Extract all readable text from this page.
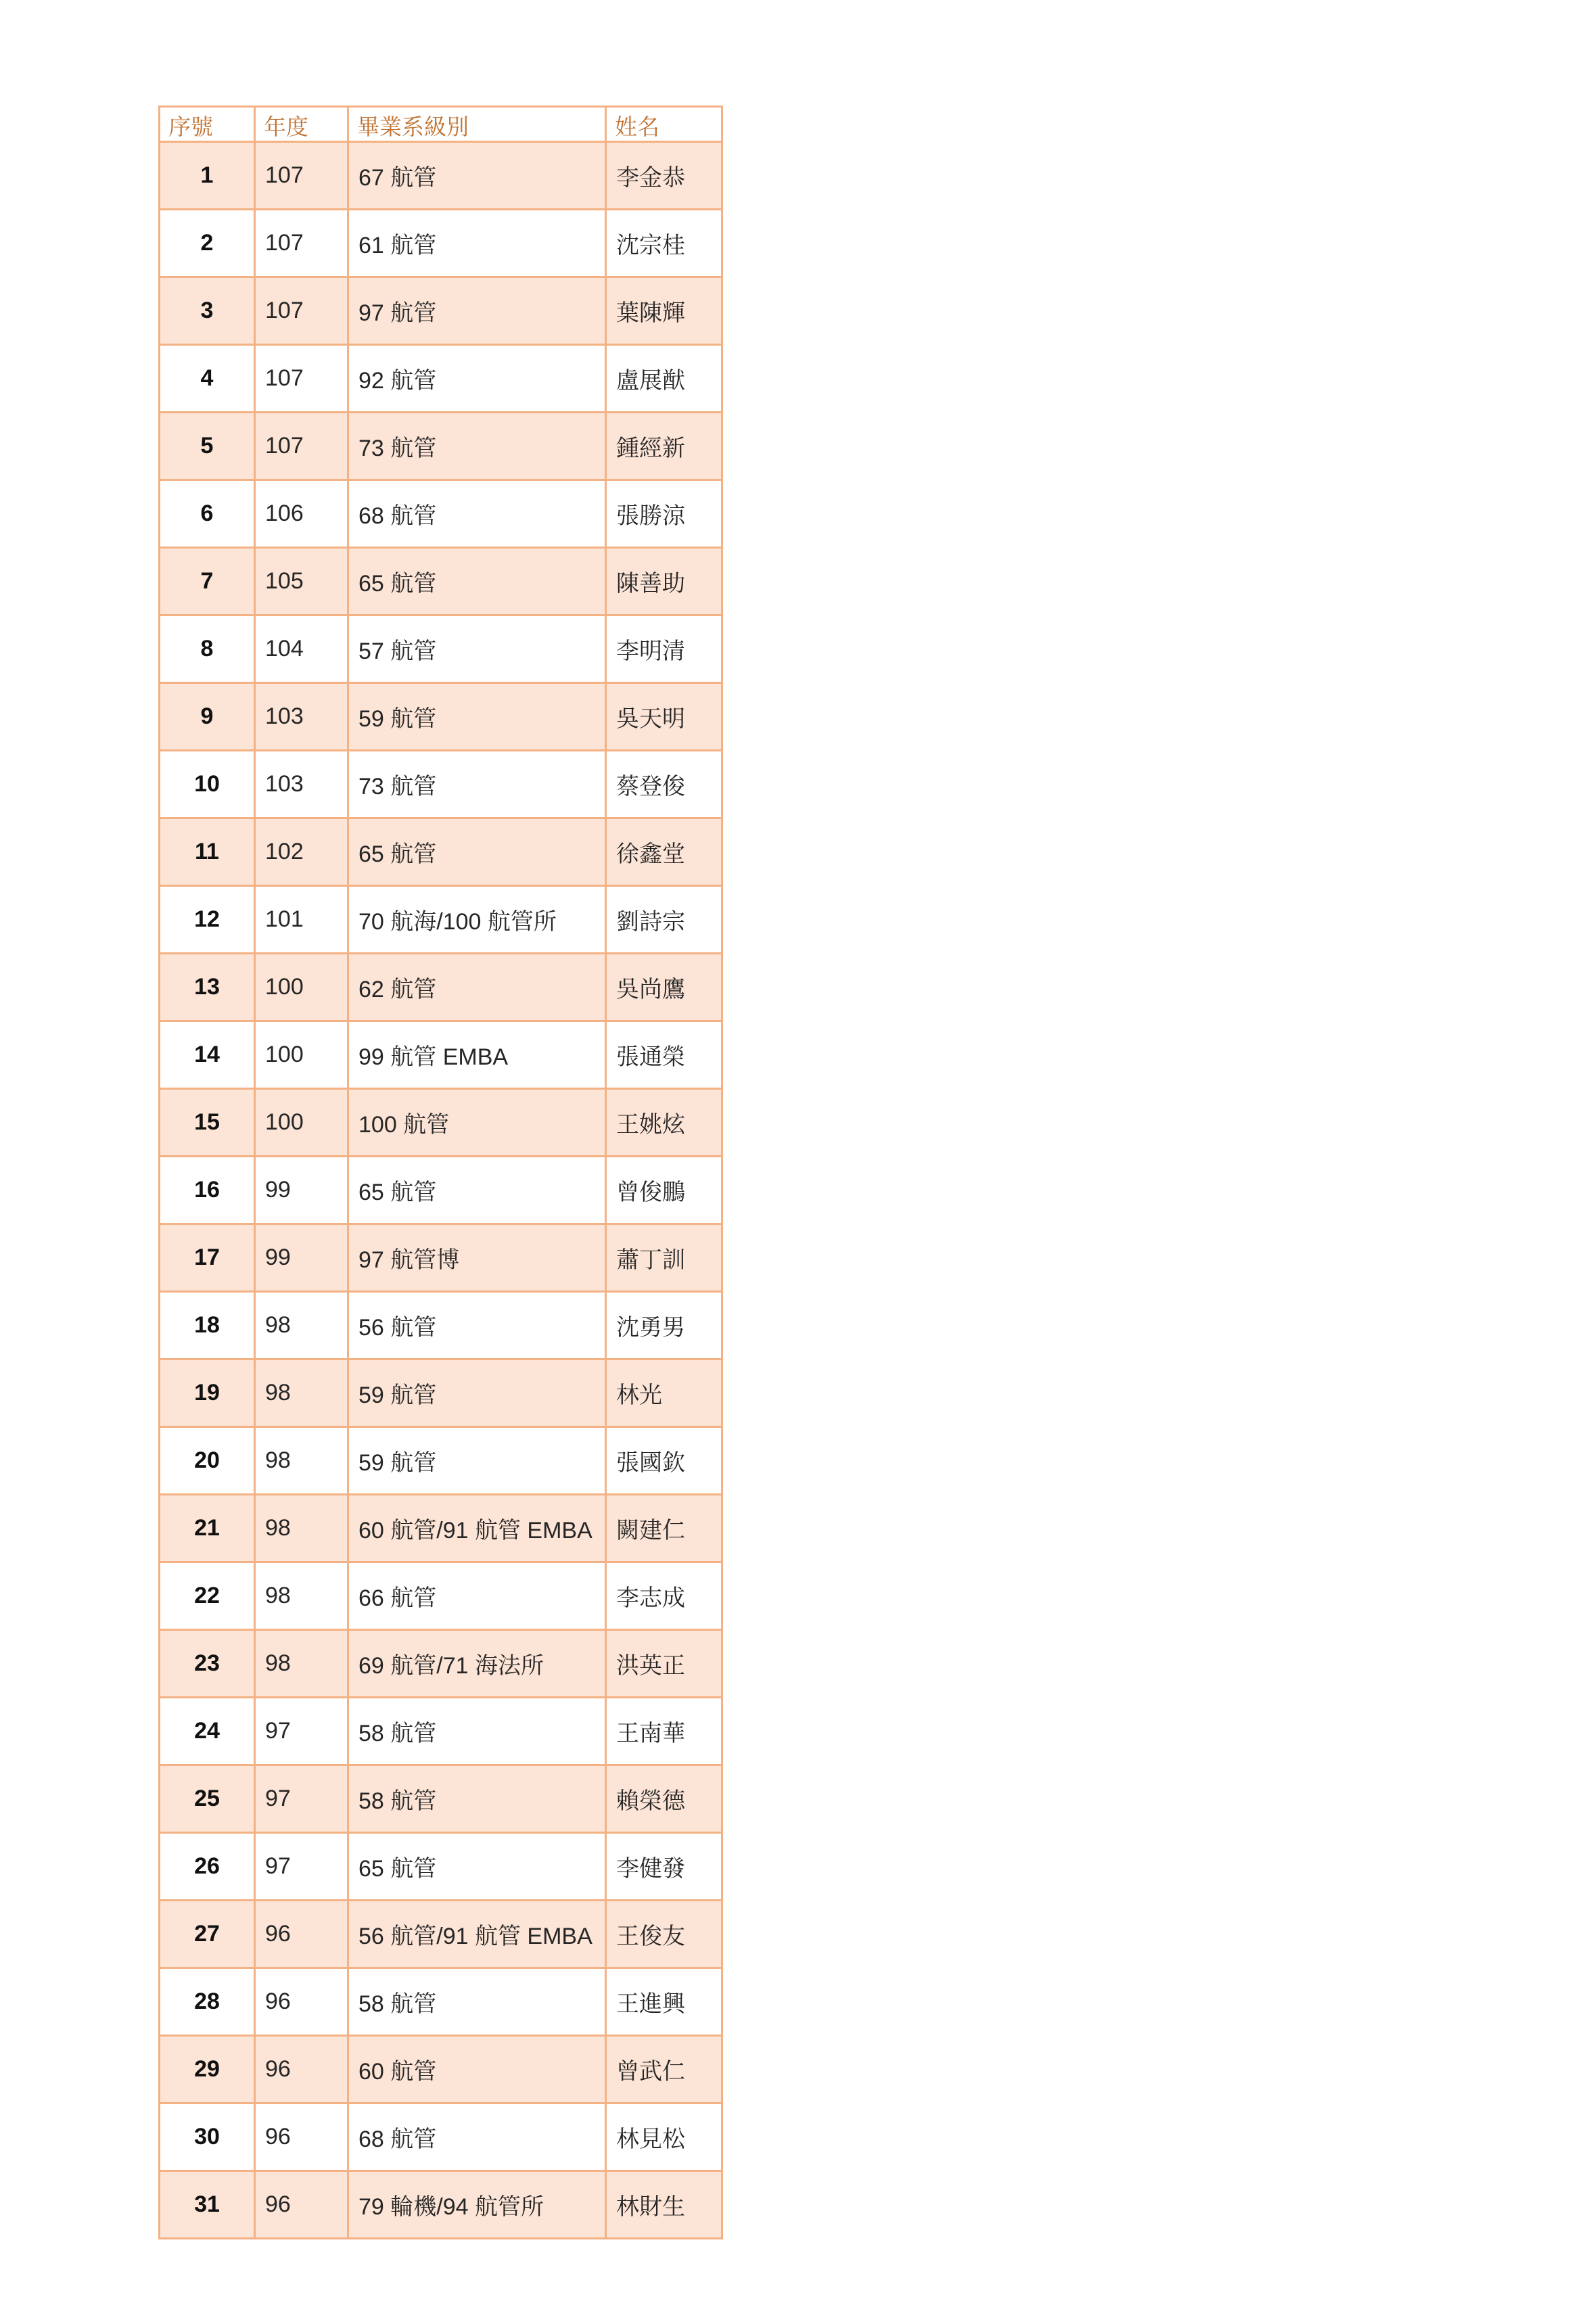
序號	年度	畢業系級別	姓名
1	107	67 航管	李金恭
2	107	61 航管	沈宗桂
3	107	97 航管	葉陳輝
4	107	92 航管	盧展猷
5	107	73 航管	鍾經新
6	106	68 航管	張勝涼
7	105	65 航管	陳善助
8	104	57 航管	李明清
9	103	59 航管	吳天明
10	103	73 航管	蔡登俊
11	102	65 航管	徐鑫堂
12	101	70 航海/100 航管所	劉詩宗
13	100	62 航管	吳尚鷹
14	100	99 航管 EMBA	張通榮
15	100	100 航管	王姚炫
16	99	65 航管	曾俊鵬
17	99	97 航管博	蕭丁訓
18	98	56 航管	沈勇男
19	98	59 航管	林光
20	98	59 航管	張國欽
21	98	60 航管/91 航管 EMBA	闕建仁
22	98	66 航管	李志成
23	98	69 航管/71 海法所	洪英正
24	97	58 航管	王南華
25	97	58 航管	賴榮德
26	97	65 航管	李健發
27	96	56 航管/91 航管 EMBA	王俊友
28	96	58 航管	王進興
29	96	60 航管	曾武仁
30	96	68 航管	林見松
31	96	79 輪機/94 航管所	林財生
